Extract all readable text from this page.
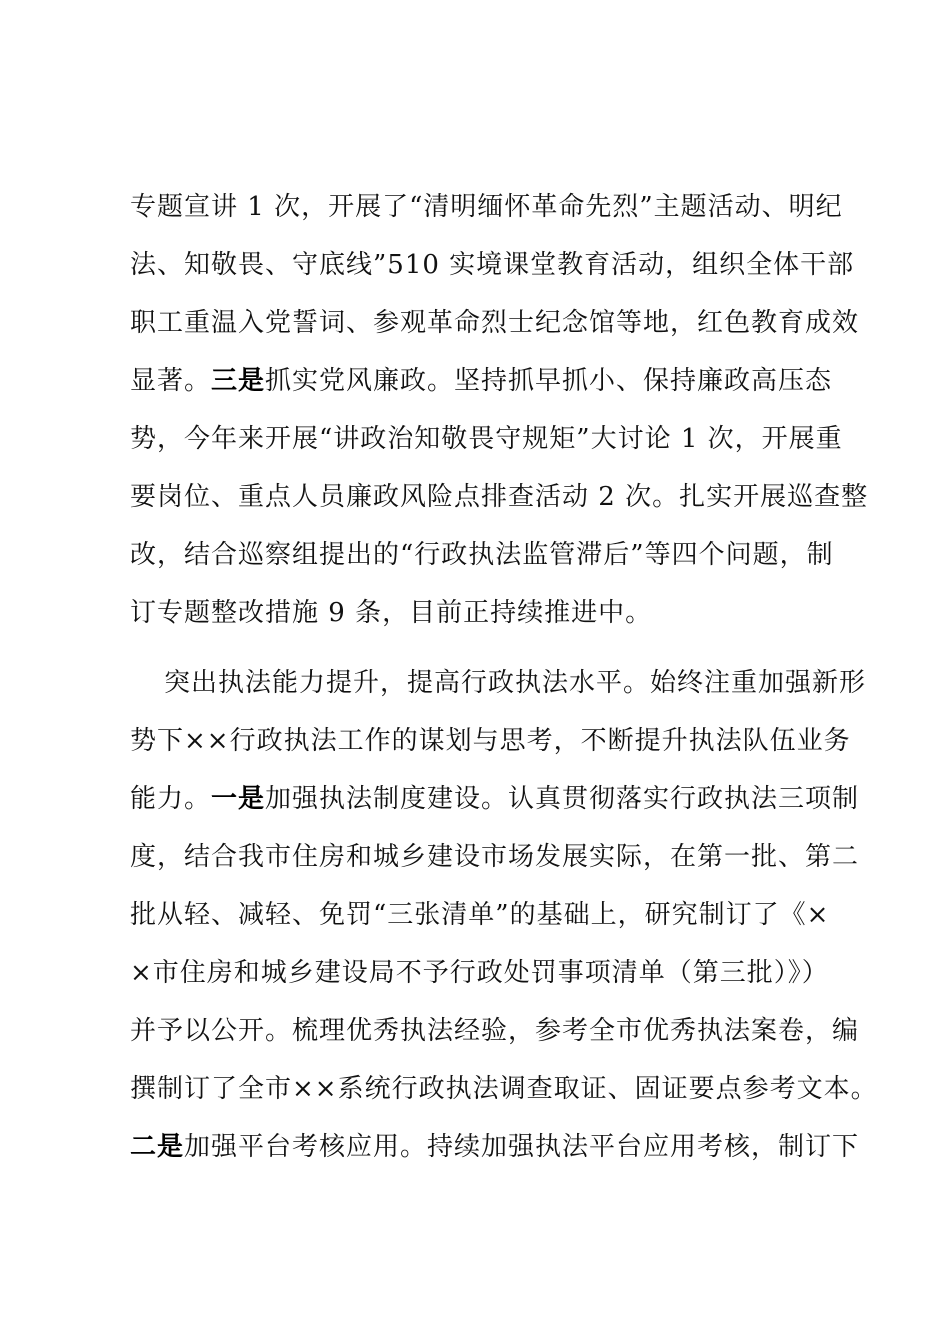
专题宣讲 1 次，开展了“清明缅怀革命先烈”主题活动、明纪
法、知敬畏、守底线”510 实境课堂教育活动，组织全体干部
职工重温入党誓词、参观革命烈士纪念馆等地，红色教育成效
显著。三是抓实党风廉政。坚持抓早抓小、保持廉政高压态
势，今年来开展“讲政治知敬畏守规矩”大讨论 1 次，开展重
要岗位、重点人员廉政风险点排查活动 2 次。扎实开展巡查整
改，结合巡察组提出的“行政执法监管滞后”等四个问题，制
订专题整改措施 9 条，目前正持续推进中。

突出执法能力提升，提高行政执法水平。始终注重加强新形
势下××行政执法工作的谋划与思考，不断提升执法队伍业务
能力。一是加强执法制度建设。认真贯彻落实行政执法三项制
度，结合我市住房和城乡建设市场发展实际，在第一批、第二
批从轻、减轻、免罚“三张清单”的基础上，研究制订了《×
×市住房和城乡建设局不予行政处罚事项清单（第三批）》）
并予以公开。梳理优秀执法经验，参考全市优秀执法案卷，编
撰制订了全市××系统行政执法调查取证、固证要点参考文本。
二是加强平台考核应用。持续加强执法平台应用考核，制订下
